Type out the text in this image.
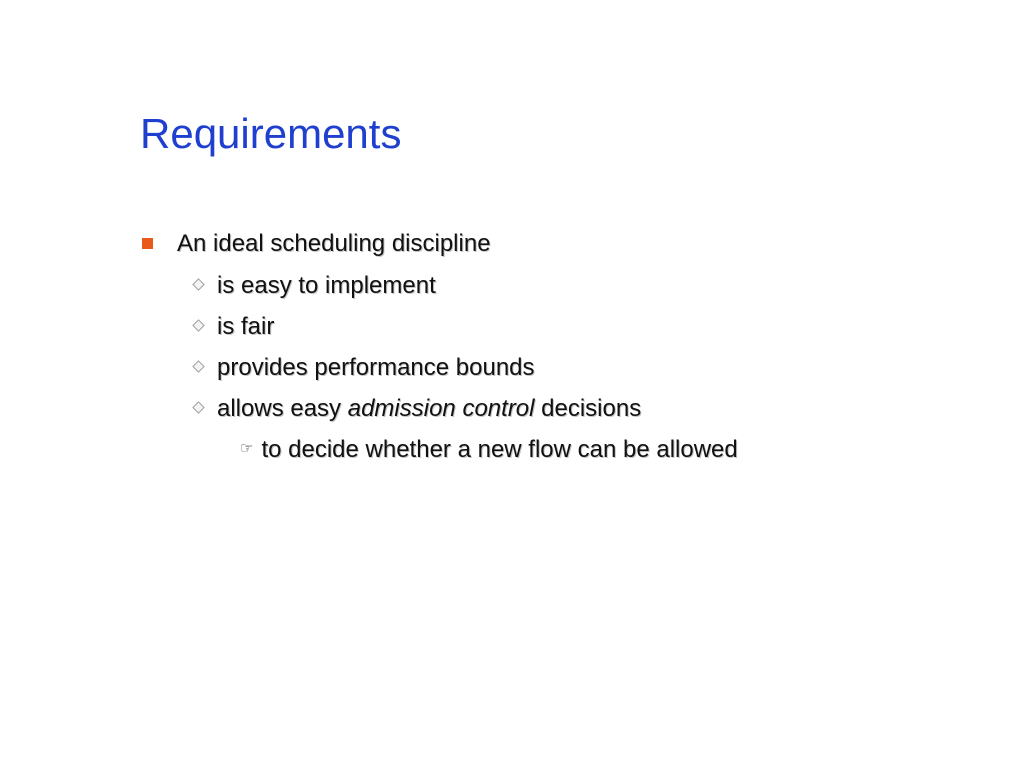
Requirements
An ideal scheduling discipline
is easy to implement
is fair
provides performance bounds
allows easy admission control decisions
☞ to decide whether a new flow can be allowed
